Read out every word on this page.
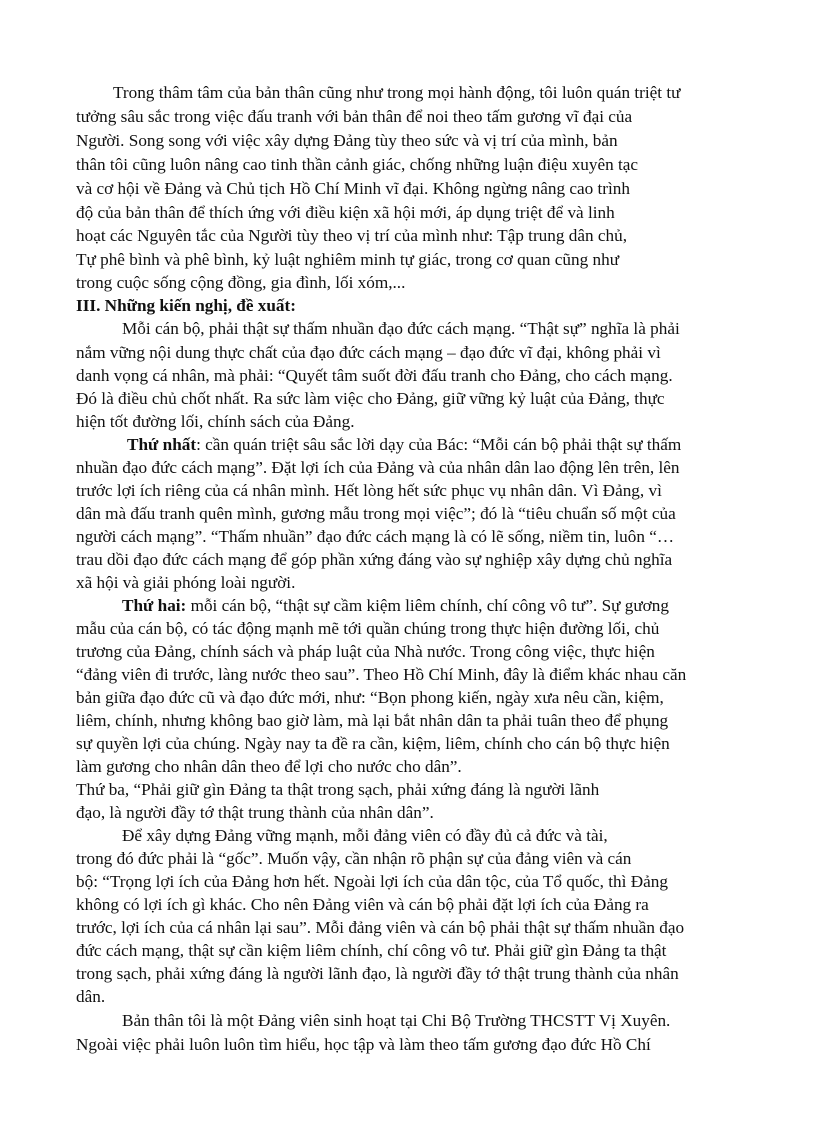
Trong thâm tâm của bản thân cũng như trong mọi hành động, tôi luôn quán triệt tư
tưởng sâu sắc trong việc đấu tranh với bản thân để noi theo tấm gương vĩ đại của
Người. Song song với việc xây dựng Đảng tùy theo sức và vị trí của mình, bản
thân tôi cũng luôn nâng cao tinh thần cảnh giác, chống những luận điệu xuyên tạc
và cơ hội về Đảng và Chủ tịch Hồ Chí Minh vĩ đại. Không ngừng nâng cao trình
độ của bản thân để thích ứng với điều kiện xã hội mới, áp dụng triệt để và linh
hoạt các Nguyên tắc của Người tùy theo vị trí của mình như: Tập trung dân chủ,
Tự phê bình và phê bình, kỷ luật nghiêm minh tự giác, trong cơ quan cũng như
trong cuộc sống cộng đồng, gia đình, lối xóm,...
III. Những kiến nghị, đề xuất:
Mỗi cán bộ, phải thật sự thấm nhuần đạo đức cách mạng. “Thật sự” nghĩa là phải
nắm vững nội dung thực chất của đạo đức cách mạng – đạo đức vĩ đại, không phải vì
danh vọng cá nhân, mà phải: “Quyết tâm suốt đời đấu tranh cho Đảng, cho cách mạng.
Đó là điều chủ chốt nhất. Ra sức làm việc cho Đảng, giữ vững kỷ luật của Đảng, thực
hiện tốt đường lối, chính sách của Đảng.
Thứ nhất: cần quán triệt sâu sắc lời dạy của Bác: “Mỗi cán bộ phải thật sự thấm
nhuần đạo đức cách mạng”. Đặt lợi ích của Đảng và của nhân dân lao động lên trên, lên
trước lợi ích riêng của cá nhân mình. Hết lòng hết sức phục vụ nhân dân. Vì Đảng, vì
dân mà đấu tranh quên mình, gương mẫu trong mọi việc”; đó là “tiêu chuẩn số một của
người cách mạng”. “Thấm nhuần” đạo đức cách mạng là có lẽ sống, niềm tin, luôn “…
trau dồi đạo đức cách mạng để góp phần xứng đáng vào sự nghiệp xây dựng chủ nghĩa
xã hội và giải phóng loài người.
Thứ hai: mỗi cán bộ, “thật sự cầm kiệm liêm chính, chí công vô tư”. Sự gương
mẫu của cán bộ, có tác động mạnh mẽ tới quần chúng trong thực hiện đường lối, chủ
trương của Đảng, chính sách và pháp luật của Nhà nước. Trong công việc, thực hiện
“đảng viên đi trước, làng nước theo sau”. Theo Hồ Chí Minh, đây là điểm khác nhau căn
bản giữa đạo đức cũ và đạo đức mới, như: “Bọn phong kiến, ngày xưa nêu cần, kiệm,
liêm, chính, nhưng không bao giờ làm, mà lại bắt nhân dân ta phải tuân theo để phụng
sự quyền lợi của chúng. Ngày nay ta đề ra cần, kiệm, liêm, chính cho cán bộ thực hiện
làm gương cho nhân dân theo để lợi cho nước cho dân”.
Thứ ba, “Phải giữ gìn Đảng ta thật trong sạch, phải xứng đáng là người lãnh
đạo, là người đầy tớ thật trung thành của nhân dân”.
Để xây dựng Đảng vững mạnh, mỗi đảng viên có đầy đủ cả đức và tài,
trong đó đức phải là “gốc”. Muốn vậy, cần nhận rõ phận sự của đảng viên và cán
bộ: “Trọng lợi ích của Đảng hơn hết. Ngoài lợi ích của dân tộc, của Tổ quốc, thì Đảng
không có lợi ích gì khác. Cho nên Đảng viên và cán bộ phải đặt lợi ích của Đảng ra
trước, lợi ích của cá nhân lại sau”. Mỗi đảng viên và cán bộ phải thật sự thấm nhuần đạo
đức cách mạng, thật sự cần kiệm liêm chính, chí công vô tư. Phải giữ gìn Đảng ta thật
trong sạch, phải xứng đáng là người lãnh đạo, là người đầy tớ thật trung thành của nhân
dân.
Bản thân tôi là một Đảng viên sinh hoạt tại Chi Bộ Trường THCSTT Vị Xuyên.
Ngoài việc phải luôn luôn tìm hiểu, học tập và làm theo tấm gương đạo đức Hồ Chí
